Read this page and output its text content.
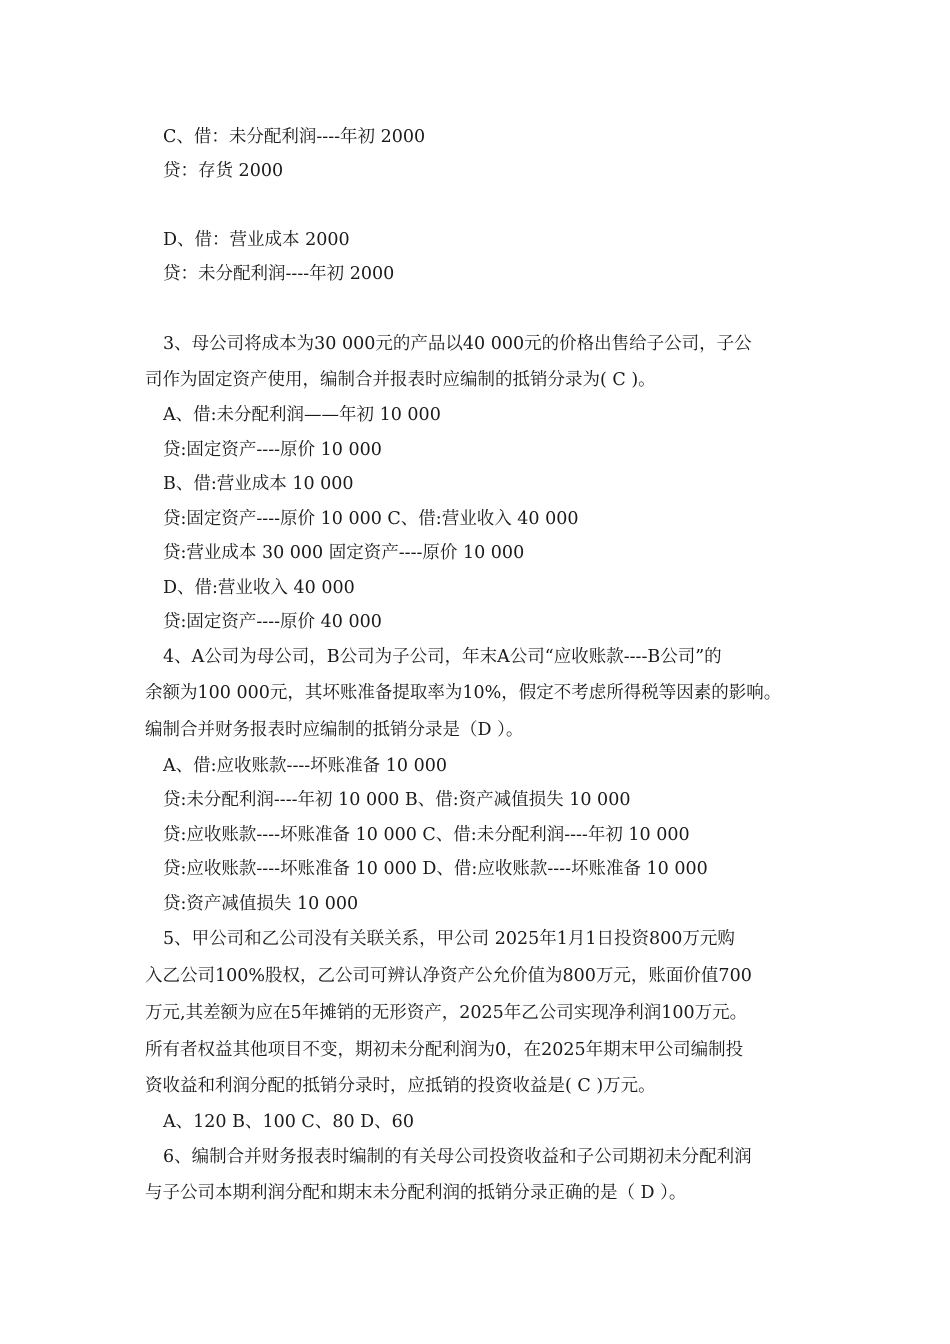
C、借：未分配利润----年初 2000
贷：存货 2000
D、借：营业成本 2000
贷：未分配利润----年初 2000
3、母公司将成本为30 000元的产品以40 000元的价格出售给子公司，子公
司作为固定资产使用，编制合并报表时应编制的抵销分录为( C )。
A、借:未分配利润——年初 10 000
贷:固定资产----原价 10 000
B、借:营业成本 10 000
贷:固定资产----原价 10 000 C、借:营业收入 40 000
贷:营业成本 30 000 固定资产----原价 10 000
D、借:营业收入 40 000
贷:固定资产----原价 40 000
4、A公司为母公司，B公司为子公司，年末A公司“应收账款----B公司”的
余额为100 000元，其坏账准备提取率为10%，假定不考虑所得税等因素的影响。
编制合并财务报表时应编制的抵销分录是（D ）。
A、借:应收账款----坏账准备 10 000
贷:未分配利润----年初 10 000 B、借:资产减值损失 10 000
贷:应收账款----坏账准备 10 000 C、借:未分配利润----年初 10 000
贷:应收账款----坏账准备 10 000 D、借:应收账款----坏账准备 10 000
贷:资产减值损失 10 000
5、甲公司和乙公司没有关联关系，甲公司 2025年1月1日投资800万元购
入乙公司100%股权，乙公司可辨认净资产公允价值为800万元，账面价值700
万元,其差额为应在5年摊销的无形资产，2025年乙公司实现净利润100万元。
所有者权益其他项目不变，期初未分配利润为0，在2025年期末甲公司编制投
资收益和利润分配的抵销分录时，应抵销的投资收益是( C )万元。
A、120 B、100 C、80 D、60
6、编制合并财务报表时编制的有关母公司投资收益和子公司期初未分配利润
与子公司本期利润分配和期末未分配利润的抵销分录正确的是（ D ）。
